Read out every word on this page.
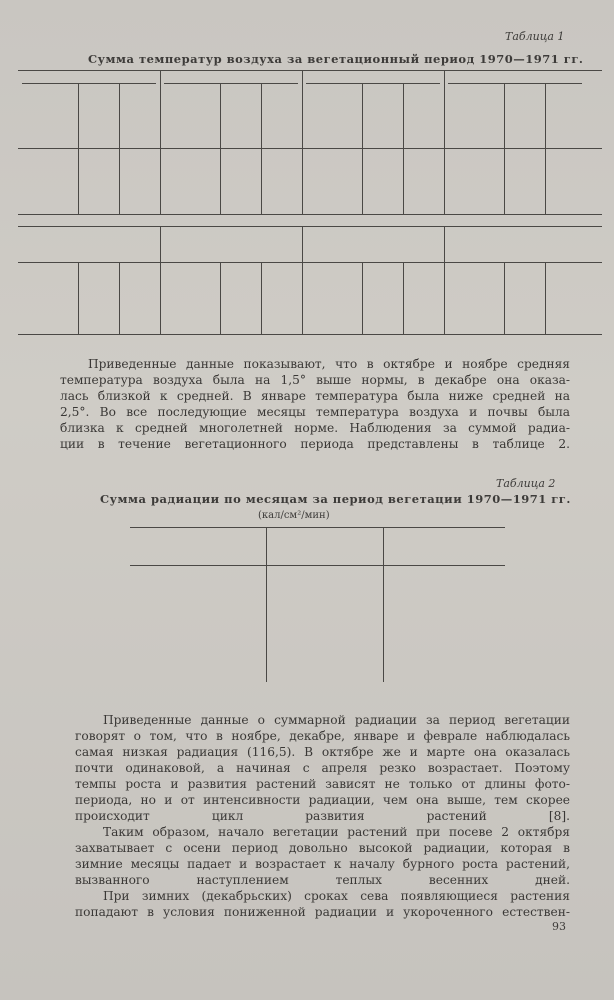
Таблица 1
Сумма температур воздуха за вегетационный период 1970—1971 гг.
Приведенные данные показывают, что в октябре и ноябре средняя
температура воздуха была на 1,5° выше нормы, в декабре она оказа-
лась близкой к средней. В январе температура была ниже средней на
2,5°. Во все последующие месяцы температура воздуха и почвы была
близка к средней многолетней норме. Наблюдения за суммой радиа-
ции в течение вегетационного периода представлены в таблице 2.
Таблица 2
Сумма радиации по месяцам за период вегетации 1970—1971 гг.
(кал/см²/мин)
Приведенные данные о суммарной радиации за период вегетации
говорят о том, что в ноябре, декабре, январе и феврале наблюдалась
самая низкая радиация (116,5). В октябре же и марте она оказалась
почти одинаковой, а начиная с апреля резко возрастает. Поэтому
темпы роста и развития растений зависят не только от длины фото-
периода, но и от интенсивности радиации, чем она выше, тем скорее
происходит цикл развития растений [8].
Таким образом, начало вегетации растений при посеве 2 октября
захватывает с осени период довольно высокой радиации, которая в
зимние месяцы падает и возрастает к началу бурного роста растений,
вызванного наступлением теплых весенних дней.
При зимних (декабрьских) сроках сева появляющиеся растения
попадают в условия пониженной радиации и укороченного естествен-
93
